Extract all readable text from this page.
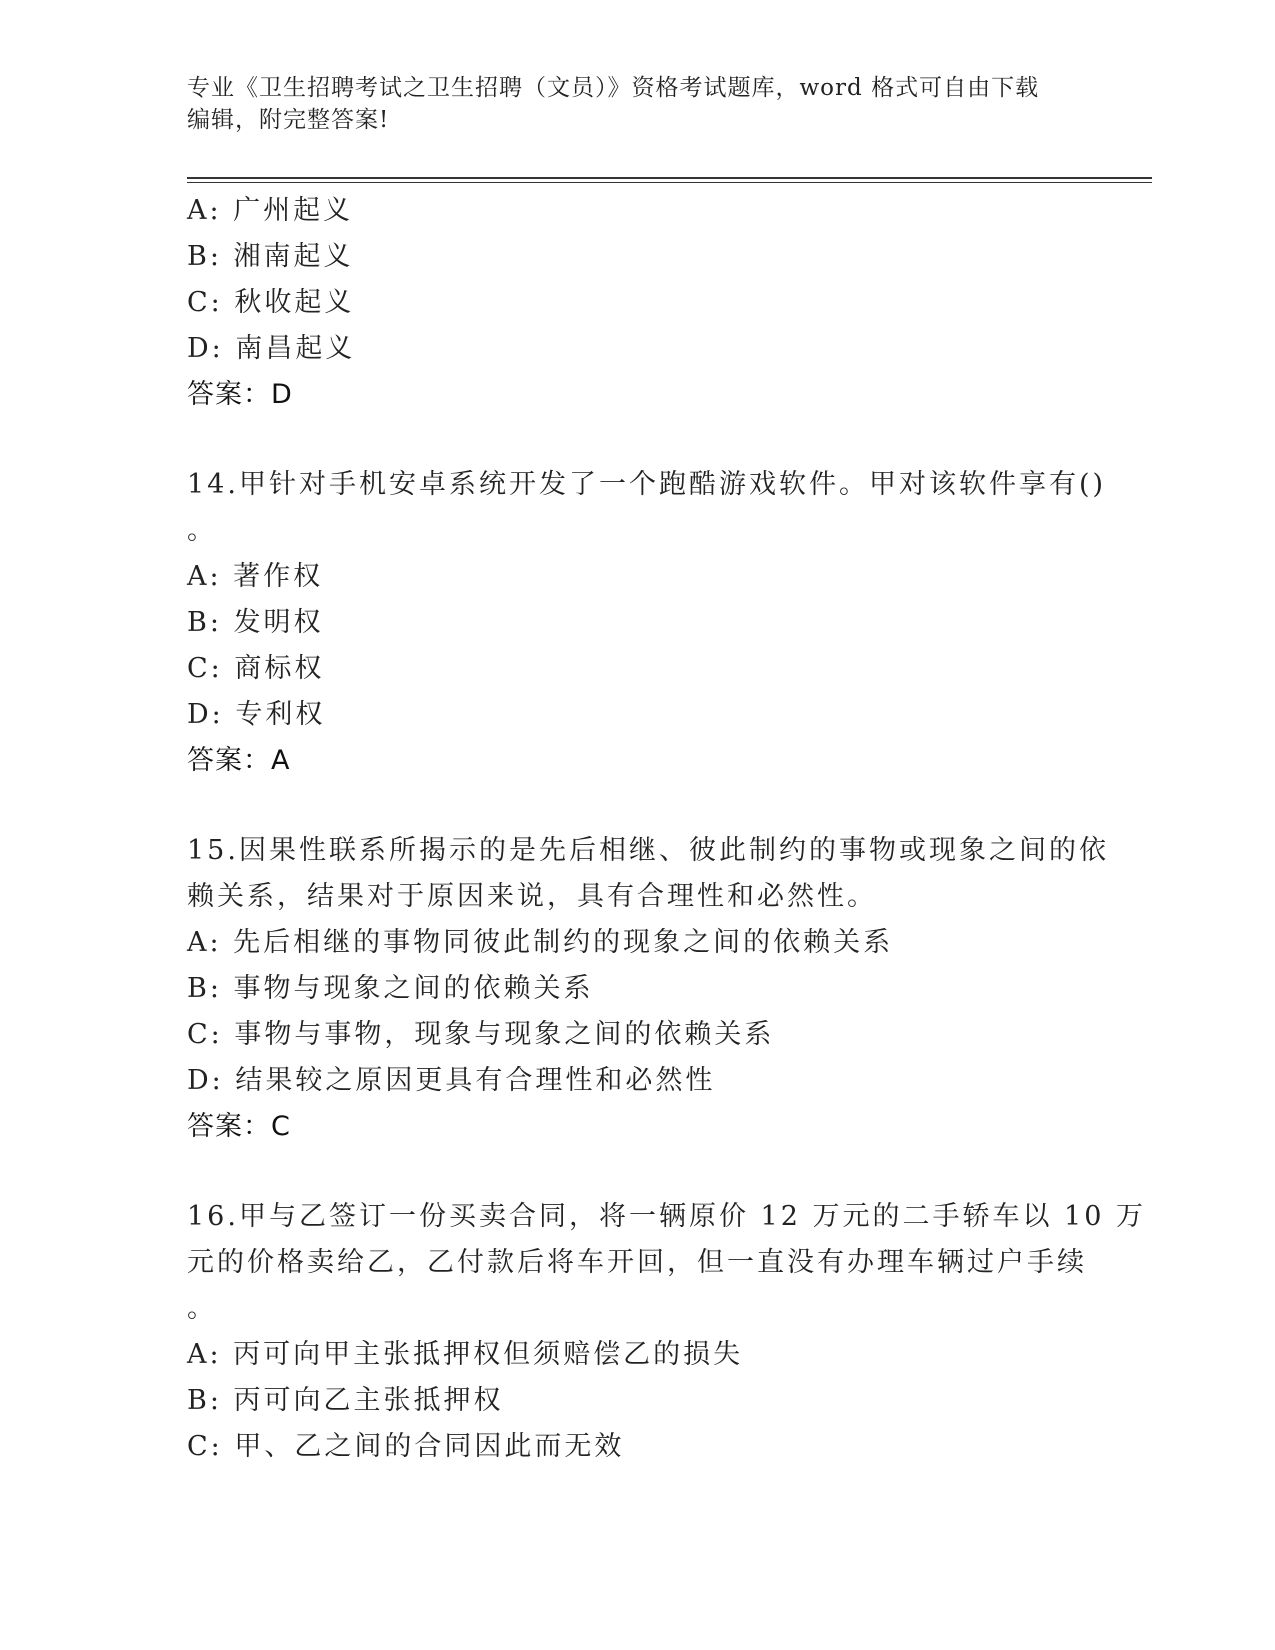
专业《卫生招聘考试之卫生招聘（文员）》资格考试题库，word 格式可自由下载
编辑，附完整答案!
A: 广州起义
B: 湘南起义
C: 秋收起义
D: 南昌起义
答案：D
14.甲针对手机安卓系统开发了一个跑酷游戏软件。甲对该软件享有()
。
A: 著作权
B: 发明权
C: 商标权
D: 专利权
答案：A
15.因果性联系所揭示的是先后相继、彼此制约的事物或现象之间的依
赖关系，结果对于原因来说，具有合理性和必然性。
A: 先后相继的事物同彼此制约的现象之间的依赖关系
B: 事物与现象之间的依赖关系
C: 事物与事物，现象与现象之间的依赖关系
D: 结果较之原因更具有合理性和必然性
答案：C
16.甲与乙签订一份买卖合同，将一辆原价 12 万元的二手轿车以 10 万
元的价格卖给乙，乙付款后将车开回，但一直没有办理车辆过户手续
。
A: 丙可向甲主张抵押权但须赔偿乙的损失
B: 丙可向乙主张抵押权
C: 甲、乙之间的合同因此而无效
